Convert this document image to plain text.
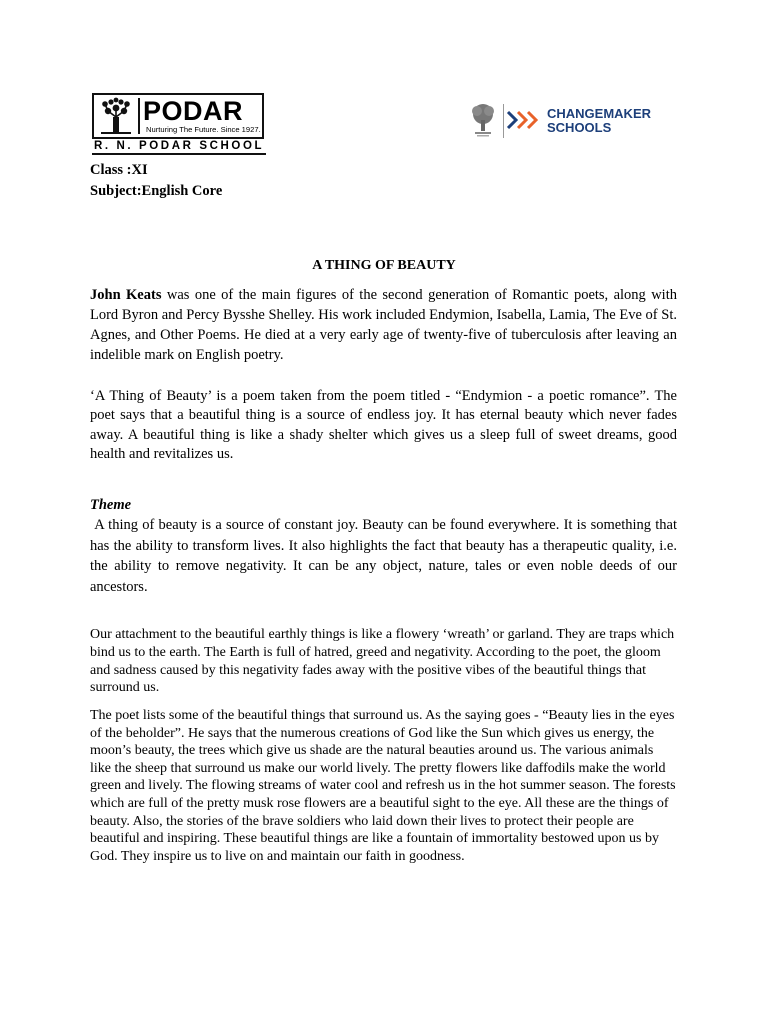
PODAR
Nurturing The Future. Since 1927.
R. N. PODAR SCHOOL
CHANGEMAKER
SCHOOLS
Class :XI
Subject:English Core
A THING OF BEAUTY
John Keats was one of the main figures of the second generation of Romantic poets, along with Lord Byron and Percy Bysshe Shelley. His work included Endymion, Isabella, Lamia, The Eve of St. Agnes, and Other Poems. He died at a very early age of twenty-five of tuberculosis after leaving an indelible mark on English poetry.
‘A Thing of Beauty’ is a poem taken from the poem titled - “Endymion - a poetic romance”. The poet says that a beautiful thing is a source of endless joy. It has eternal beauty which never fades away. A beautiful thing is like a shady shelter which gives us a sleep full of sweet dreams, good health and revitalizes us.
Theme
A thing of beauty is a source of constant joy. Beauty can be found everywhere. It is something that has the ability to transform lives. It also highlights the fact that beauty has a therapeutic quality, i.e. the ability to remove negativity. It can be any object, nature, tales or even noble deeds of our ancestors.
Our attachment to the beautiful earthly things is like a flowery ‘wreath’ or garland. They are traps which bind us to the earth. The Earth is full of hatred, greed and negativity. According to the poet, the gloom and sadness caused by this negativity fades away with the positive vibes of the beautiful things that surround us.
The poet lists some of the beautiful things that surround us. As the saying goes - “Beauty lies in the eyes of the beholder”. He says that the numerous creations of God like the Sun which gives us energy, the moon’s beauty, the trees which give us shade are the natural beauties around us. The various animals like the sheep that surround us make our world lively. The pretty flowers like daffodils make the world green and lively. The flowing streams of water cool and refresh us in the hot summer season. The forests which are full of the pretty musk rose flowers are a beautiful sight to the eye. All these are the things of beauty. Also, the stories of the brave soldiers who laid down their lives to protect their people are beautiful and inspiring. These beautiful things are like a fountain of immortality bestowed upon us by God. They inspire us to live on and maintain our faith in goodness.
